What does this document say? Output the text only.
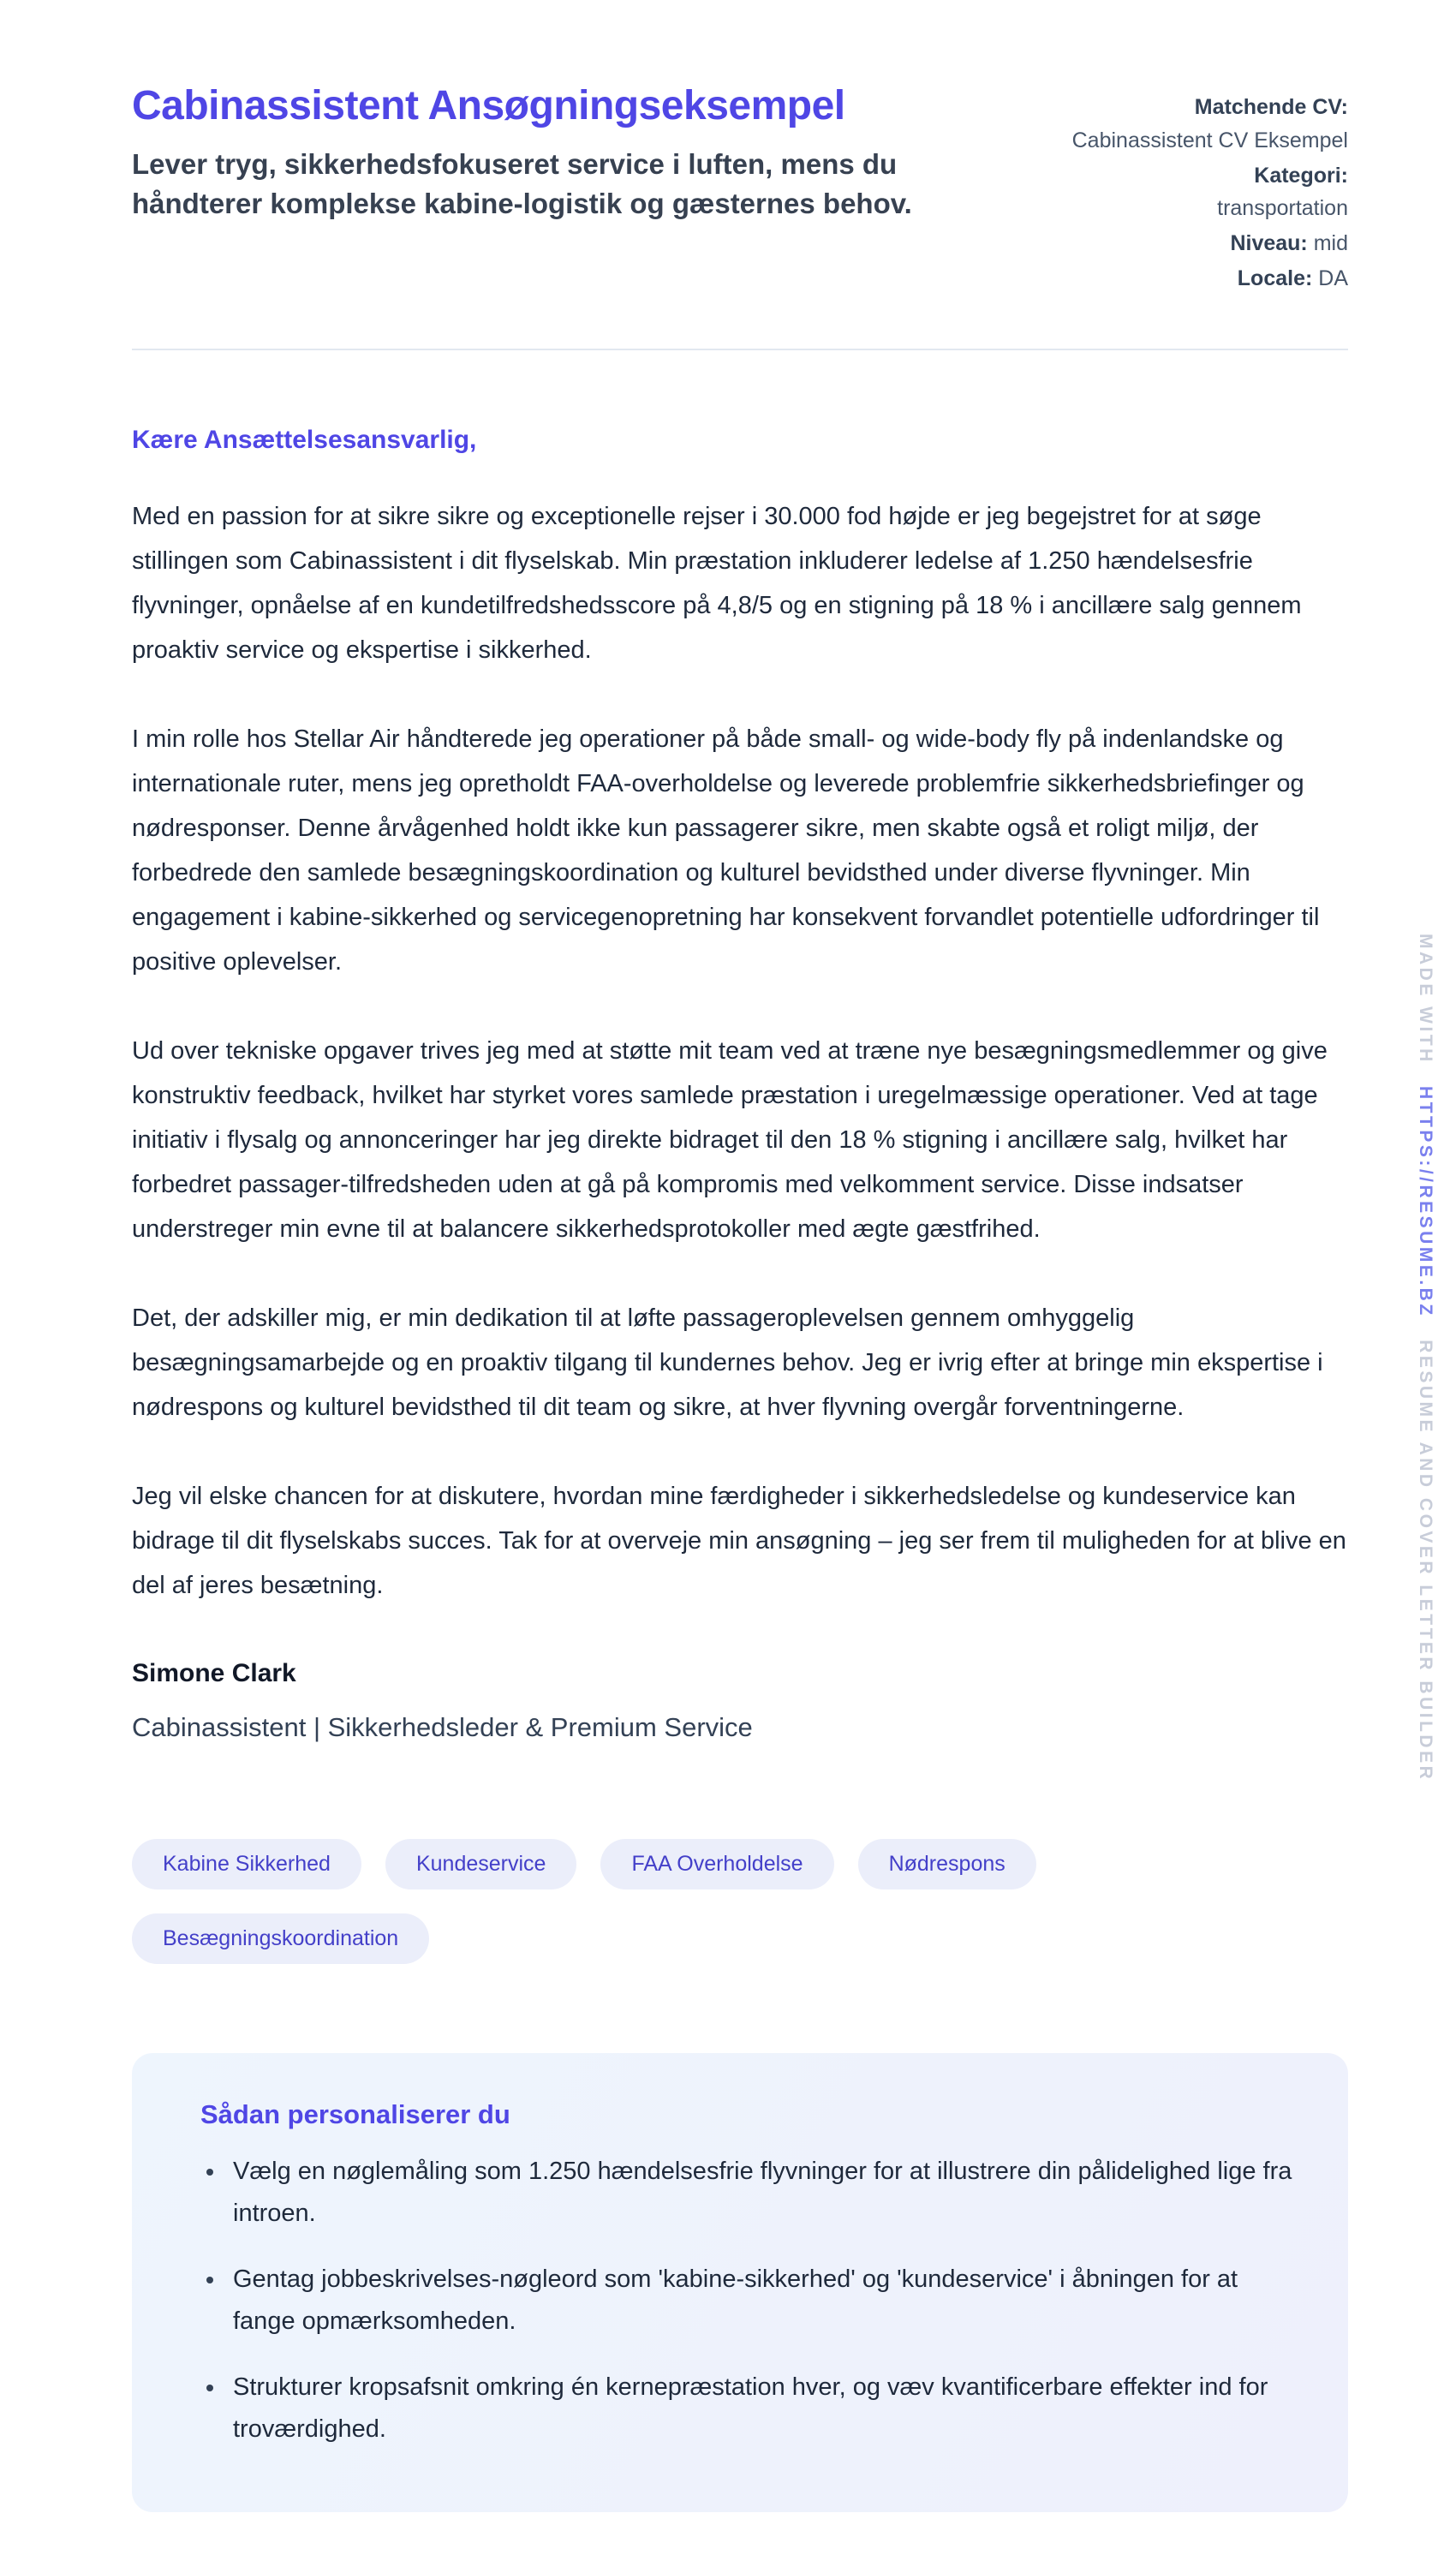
Cabinassistent Ansøgningseksempel
Lever tryg, sikkerhedsfokuseret service i luften, mens du håndterer komplekse kabine-logistik og gæsternes behov.
Matchende CV:
Cabinassistent CV Eksempel
Kategori:
transportation
Niveau: mid
Locale: DA

Kære Ansættelsesansvarlig,

Med en passion for at sikre sikre og exceptionelle rejser i 30.000 fod højde er jeg begejstret for at søge stillingen som Cabinassistent i dit flyselskab. Min præstation inkluderer ledelse af 1.250 hændelsesfrie flyvninger, opnåelse af en kundetilfredshedsscore på 4,8/5 og en stigning på 18 % i ancillære salg gennem proaktiv service og ekspertise i sikkerhed.

I min rolle hos Stellar Air håndterede jeg operationer på både small- og wide-body fly på indenlandske og internationale ruter, mens jeg opretholdt FAA-overholdelse og leverede problemfrie sikkerhedsbriefinger og nødresponser. Denne årvågenhed holdt ikke kun passagerer sikre, men skabte også et roligt miljø, der forbedrede den samlede besægningskoordination og kulturel bevidsthed under diverse flyvninger. Min engagement i kabine-sikkerhed og servicegenopretning har konsekvent forvandlet potentielle udfordringer til positive oplevelser.

Ud over tekniske opgaver trives jeg med at støtte mit team ved at træne nye besægningsmedlemmer og give konstruktiv feedback, hvilket har styrket vores samlede præstation i uregelmæssige operationer. Ved at tage initiativ i flysalg og annonceringer har jeg direkte bidraget til den 18 % stigning i ancillære salg, hvilket har forbedret passager-tilfredsheden uden at gå på kompromis med velkomment service. Disse indsatser understreger min evne til at balancere sikkerhedsprotokoller med ægte gæstfrihed.

Det, der adskiller mig, er min dedikation til at løfte passageroplevelsen gennem omhyggelig besægningsamarbejde og en proaktiv tilgang til kundernes behov. Jeg er ivrig efter at bringe min ekspertise i nødrespons og kulturel bevidsthed til dit team og sikre, at hver flyvning overgår forventningerne.

Jeg vil elske chancen for at diskutere, hvordan mine færdigheder i sikkerhedsledelse og kundeservice kan bidrage til dit flyselskabs succes. Tak for at overveje min ansøgning – jeg ser frem til muligheden for at blive en del af jeres besætning.

Simone Clark
Cabinassistent | Sikkerhedsleder & Premium Service
Kabine Sikkerhed	Kundeservice	FAA Overholdelse	Nødrespons
Besægningskoordination
Sådan personaliserer du
• Vælg en nøglemåling som 1.250 hændelsesfrie flyvninger for at illustrere din pålidelighed lige fra introen.
• Gentag jobbeskrivelses-nøgleord som 'kabine-sikkerhed' og 'kundeservice' i åbningen for at fange opmærksomheden.
• Strukturer kropsafsnit omkring én kernepræstation hver, og væv kvantificerbare effekter ind for troværdighed.
MADE WITH HTTPS://RESUME.BZ RESUME AND COVER LETTER BUILDER
